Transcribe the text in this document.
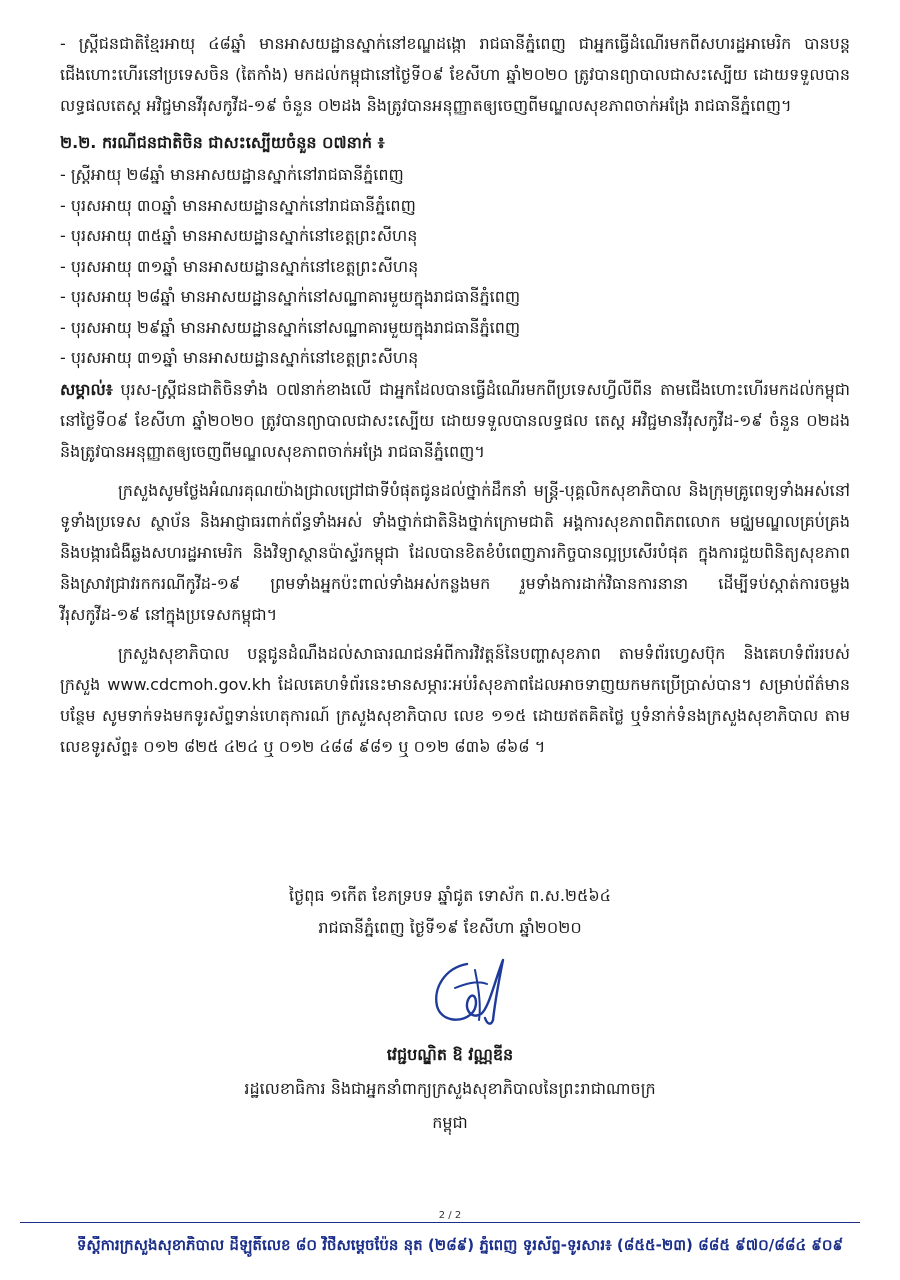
- ស្ត្រីជនជាតិខ្មែរអាយុ ៤៨ឆ្នាំ មានអាសយដ្ឋានស្នាក់នៅខណ្ឌដង្កោ រាជធានីភ្នំពេញ ជាអ្នកធ្វើដំណើរមកពីសហរដ្ឋអាមេរិក បានបន្តជើងហោះហើរនៅប្រទេសចិន (តៃកាំង) មកដល់កម្ពុជានៅថ្ងៃទី០៩ ខែសីហា ឆ្នាំ២០២០ ត្រូវបានព្យាបាលជាសះស្បើយ ដោយទទួលបានលទ្ធផលតេស្ត អវិជ្ជមានវីរុសកូវីដ-១៩ ចំនួន ០២ដង និងត្រូវបានអនុញ្ញាតឲ្យចេញពីមណ្ឌលសុខភាពចាក់អង្រែ រាជធានីភ្នំពេញ។

២.២. ករណីជនជាតិចិន ជាសះស្បើយចំនួន ០៧នាក់ ៖
- ស្ត្រីអាយុ ២៨ឆ្នាំ មានអាសយដ្ឋានស្នាក់នៅរាជធានីភ្នំពេញ
- បុរសអាយុ ៣០ឆ្នាំ មានអាសយដ្ឋានស្នាក់នៅរាជធានីភ្នំពេញ
- បុរសអាយុ ៣៥ឆ្នាំ មានអាសយដ្ឋានស្នាក់នៅខេត្តព្រះសីហនុ
- បុរសអាយុ ៣១ឆ្នាំ មានអាសយដ្ឋានស្នាក់នៅខេត្តព្រះសីហនុ
- បុរសអាយុ ២៨ឆ្នាំ មានអាសយដ្ឋានស្នាក់នៅសណ្ឋាគារមួយក្នុងរាជធានីភ្នំពេញ
- បុរសអាយុ ២៩ឆ្នាំ មានអាសយដ្ឋានស្នាក់នៅសណ្ឋាគារមួយក្នុងរាជធានីភ្នំពេញ
- បុរសអាយុ ៣១ឆ្នាំ មានអាសយដ្ឋានស្នាក់នៅខេត្តព្រះសីហនុ

សម្គាល់៖ បុរស-ស្ត្រីជនជាតិចិនទាំង ០៧នាក់ខាងលើ ជាអ្នកដែលបានធ្វើដំណើរមកពីប្រទេសហ្វីលីពីន តាមជើងហោះហើរមកដល់កម្ពុជា នៅថ្ងៃទី០៩ ខែសីហា ឆ្នាំ២០២០ ត្រូវបានព្យាបាលជាសះស្បើយ ដោយទទួលបានលទ្ធផល តេស្ត អវិជ្ជមានវីរុសកូវីដ-១៩ ចំនួន ០២ដង និងត្រូវបានអនុញ្ញាតឲ្យចេញពីមណ្ឌលសុខភាពចាក់អង្រែ រាជធានីភ្នំពេញ។

ក្រសួងសូមថ្លែងអំណរគុណយ៉ាងជ្រាលជ្រៅជាទីបំផុតជូនដល់ថ្នាក់ដឹកនាំ មន្ត្រី-បុគ្គលិកសុខាភិបាល និងក្រុមគ្រូពេទ្យទាំងអស់នៅទូទាំងប្រទេស ស្ថាប័ន និងអាជ្ញាធរពាក់ព័ន្ធទាំងអស់ ទាំងថ្នាក់ជាតិនិងថ្នាក់ក្រោមជាតិ អង្គការសុខភាពពិភពលោក មជ្ឈមណ្ឌលគ្រប់គ្រង និងបង្ការជំងឺឆ្លងសហរដ្ឋអាមេរិក និងវិទ្យាស្ថានប៉ាស្ទ័រកម្ពុជា ដែលបានខិតខំបំពេញភារកិច្ចបានល្អប្រសើរបំផុត ក្នុងការជួយពិនិត្យសុខភាព និងស្រាវជ្រាវរកករណីកូវីដ-១៩ ព្រមទាំងអ្នកប៉ះពាល់ទាំងអស់កន្លងមក រួមទាំងការដាក់វិធានការនានា ដើម្បីទប់ស្កាត់ការចម្លងវីរុសកូវីដ-១៩ នៅក្នុងប្រទេសកម្ពុជា។

ក្រសួងសុខាភិបាល បន្តជូនដំណឹងដល់សាធារណជនអំពីការវិវត្តន៍នៃបញ្ហាសុខភាព តាមទំព័រហ្វេសប៊ុក និងគេហទំព័ររបស់ក្រសួង www.cdcmoh.gov.kh ដែលគេហទំព័រនេះមានសម្ភារៈអប់រំសុខភាពដែលអាចទាញយកមកប្រើប្រាស់បាន។ សម្រាប់ព័ត៌មានបន្ថែម សូមទាក់ទងមកទូរស័ព្ទទាន់ហេតុការណ៍ ក្រសួងសុខាភិបាល លេខ ១១៥ ដោយឥតគិតថ្លៃ ឬទំនាក់ទំនងក្រសួងសុខាភិបាល តាមលេខទូរស័ព្ទ៖ ០១២ ៨២៥ ៤២៤ ឬ ០១២ ៤៨៨ ៩៨១ ឬ ០១២ ៨៣៦ ៨៦៨ ។

ថ្ងៃពុធ ១កើត ខែភទ្របទ ឆ្នាំជូត ទោស័ក ព.ស.២៥៦៤
រាជធានីភ្នំពេញ ថ្ងៃទី១៩ ខែសីហា ឆ្នាំ២០២០
វេជ្ជបណ្ឌិត ឱ វណ្ណឌីន
រដ្ឋលេខាធិការ និងជាអ្នកនាំពាក្យក្រសួងសុខាភិបាលនៃព្រះរាជាណាចក្រកម្ពុជា
2 / 2
ទីស្តីការក្រសួងសុខាភិបាល ដីឡូតិ៍លេខ ៨០ វិថីសម្ដេចប៉ែន នុត (២៨៩) ភ្នំពេញ ទូរស័ព្ទ-ទូរសារ៖ (៨៥៥-២៣) ៨៨៥ ៩៧០/៨៨៤ ៩០៩
